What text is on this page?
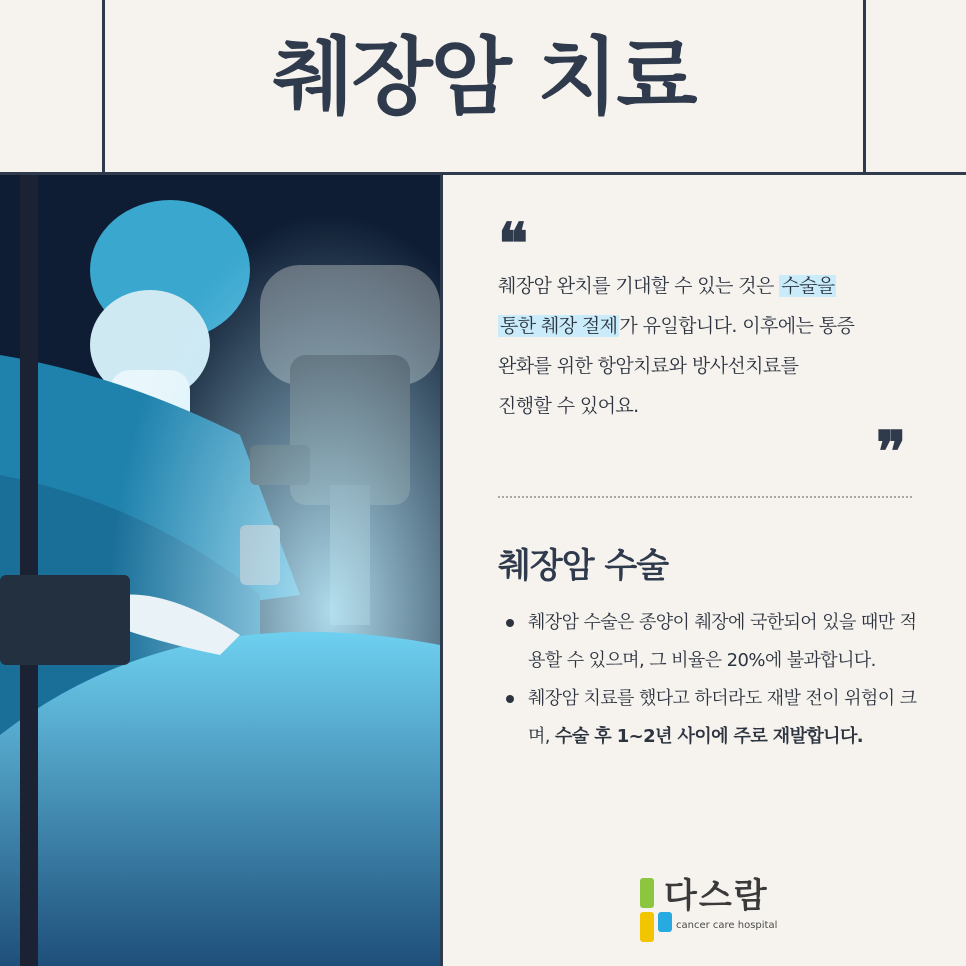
췌장암 치료
❝
췌장암 완치를 기대할 수 있는 것은 수술을
통한 췌장 절제 가 유일합니다. 이후에는 통증
완화를 위한 항암치료와 방사선치료를
진행할 수 있어요.
❞
췌장암 수술
췌장암 수술은 종양이 췌장에 국한되어 있을 때만 적용할 수 있으며, 그 비율은 20%에 불과합니다.
췌장암 치료를 했다고 하더라도 재발 전이 위험이 크며, 수술 후 1~2년 사이에 주로 재발합니다.
다스람
cancer care hospital
